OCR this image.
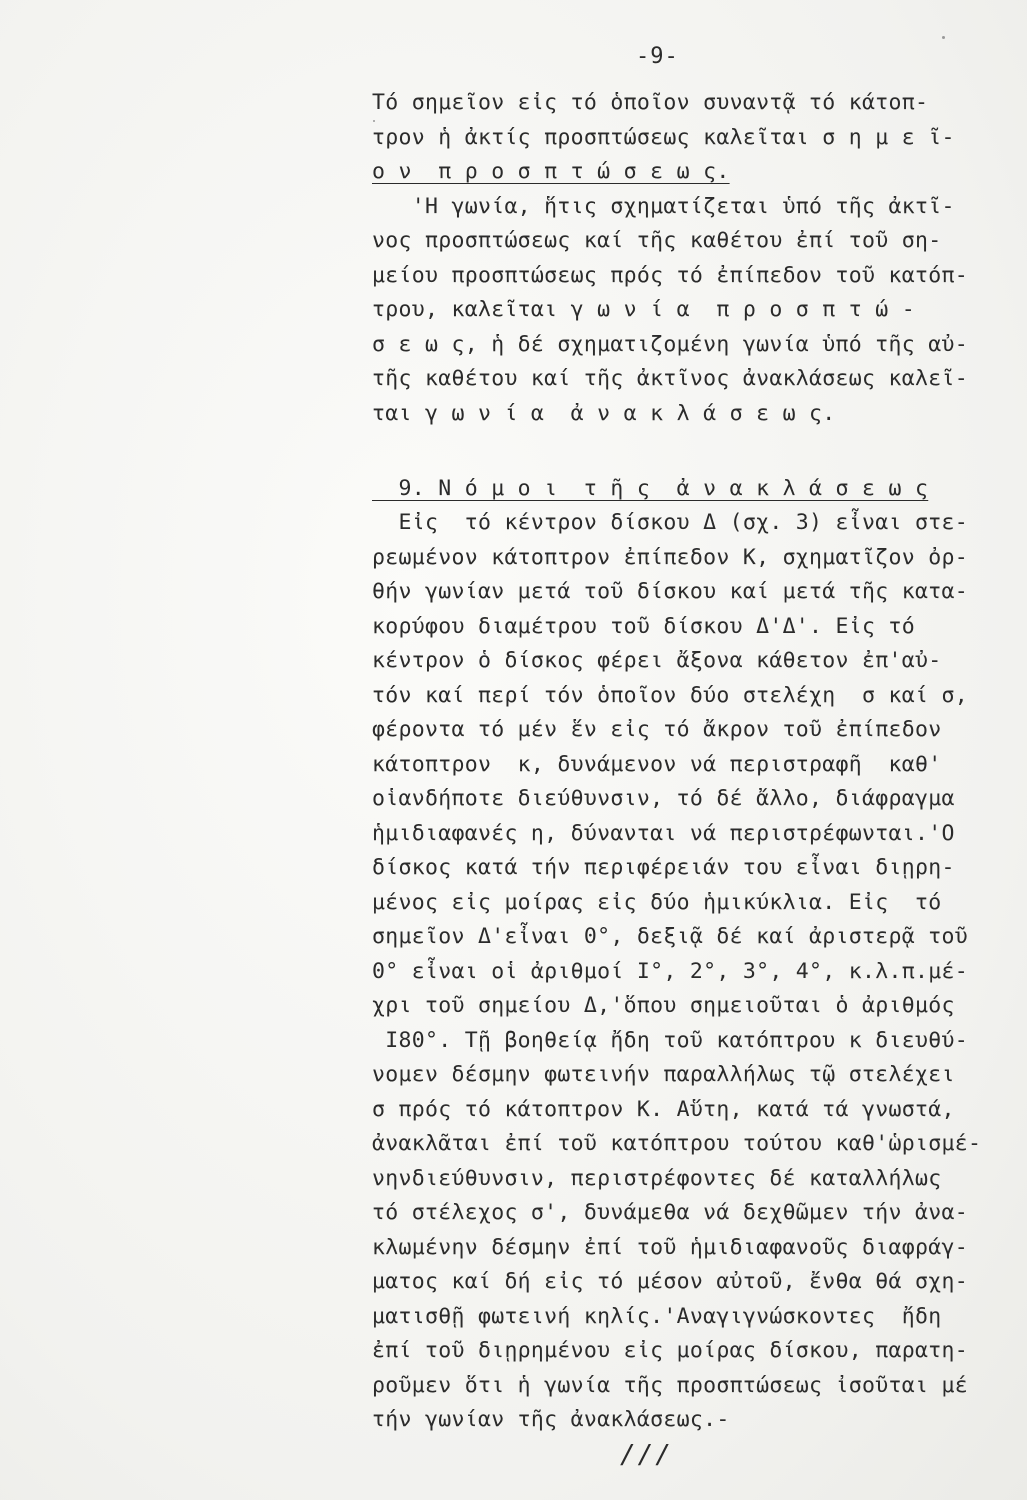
-9-
Τό σημεῖον εἰς τό ὁποῖον συναντᾷ τό κάτοπ-
τρον ἡ ἀκτίς προσπτώσεως καλεῖται σ η μ ε ῖ-
ο ν  π ρ ο σ π τ ώ σ ε ω ς.
'Η γωνία, ἥτις σχηματίζεται ὑπό τῆς ἀκτῖ-
νος προσπτώσεως καί τῆς καθέτου ἐπί τοῦ ση-
μείου προσπτώσεως πρός τό ἐπίπεδον τοῦ κατόπ-
τρου, καλεῖται γ ω ν ί α  π ρ ο σ π τ ώ -
σ ε ω ς, ἡ δέ σχηματιζομένη γωνία ὑπό τῆς αὐ-
τῆς καθέτου καί τῆς ἀκτῖνος ἀνακλάσεως καλεῖ-
ται γ ω ν ί α  ἀ ν α κ λ ά σ ε ω ς.
9. Ν ό μ ο ι  τ ῆ ς  ἀ ν α κ λ ά σ ε ω ς
Εἰς  τό κέντρον δίσκου Δ (σχ. 3) εἶναι στε-
ρεωμένον κάτοπτρον ἐπίπεδον Κ, σχηματῖζον ὀρ-
θήν γωνίαν μετά τοῦ δίσκου καί μετά τῆς κατα-
κορύφου διαμέτρου τοῦ δίσκου Δ'Δ'. Εἰς τό
κέντρον ὁ δίσκος φέρει ἄξονα κάθετον ἐπ'αὐ-
τόν καί περί τόν ὁποῖον δύο στελέχη  σ καί σ,
φέροντα τό μέν ἕν εἰς τό ἄκρον τοῦ ἐπίπεδον
κάτοπτρον  κ, δυνάμενον νά περιστραφῆ  καθ'
οἱανδήποτε διεύθυνσιν, τό δέ ἄλλο, διάφραγμα
ἡμιδιαφανές η, δύνανται νά περιστρέφωνται.'Ο
δίσκος κατά τήν περιφέρειάν του εἶναι διῃρη-
μένος εἰς μοίρας εἰς δύο ἡμικύκλια. Εἰς  τό
σημεῖον Δ'εἶναι 0°, δεξιᾷ δέ καί ἀριστερᾷ τοῦ
0° εἶναι οἱ ἀριθμοί Ι°, 2°, 3°, 4°, κ.λ.π.μέ-
χρι τοῦ σημείου Δ,'ὅπου σημειοῦται ὁ ἀριθμός
Ι80°. Τῇ βοηθείᾳ ἤδη τοῦ κατόπτρου κ διευθύ-
νομεν δέσμην φωτεινήν παραλλήλως τῷ στελέχει
σ πρός τό κάτοπτρον Κ. Αὕτη, κατά τά γνωστά,
ἀνακλᾶται ἐπί τοῦ κατόπτρου τούτου καθ'ὡρισμέ-
νηνδιεύθυνσιν, περιστρέφοντες δέ καταλλήλως
τό στέλεχος σ', δυνάμεθα νά δεχθῶμεν τήν ἀνα-
κλωμένην δέσμην ἐπί τοῦ ἡμιδιαφανοῦς διαφράγ-
ματος καί δή εἰς τό μέσον αὐτοῦ, ἔνθα θά σχη-
ματισθῇ φωτεινή κηλίς.'Αναγιγνώσκοντες  ἤδη
ἐπί τοῦ διῃρημένου εἰς μοίρας δίσκου, παρατη-
ροῦμεν ὅτι ἡ γωνία τῆς προσπτώσεως ἰσοῦται μέ
τήν γωνίαν τῆς ἀνακλάσεως.-
///
